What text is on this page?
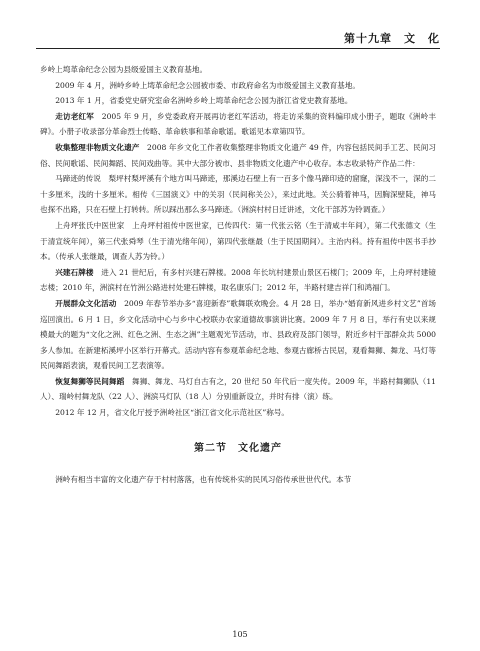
第十九章　文　化

乡岭上塆革命纪念公园为县级爱国主义教育基地。

2009 年 4 月，洲岭乡岭上塆革命纪念公园被市委、市政府命名为市级爱国主义教育基地。

2013 年 1 月，省委党史研究室命名洲岭乡岭上塆革命纪念公园为浙江省党史教育基地。

走访老红军　 2005 年 9 月，乡党委政府开展再访老红军活动，将走访采集的资料编印成小册子，题取《洲岭丰碑》。小册子收录部分革命烈士传略、革命轶事和革命歌谣。歌谣见本章第四节。

收集整理非物质文化遗产　 2008 年乡文化工作者收集整理非物质文化遗产 49 件，内容包括民间手工艺、民间习俗、民间歌谣、民间舞蹈、民间戏曲等。其中大部分被市、县非物质文化遗产中心收存。本志收录特产作品二件：

马蹄迹的传说　梨坪村梨坪溪有个地方叫马蹄迹，那溪边石壁上有一百多个像马蹄印迹的窟窿，深浅不一，深的二十多厘米，浅的十多厘米。相传《三国演义》中的关羽（民间称关公），来过此地。关公骑着神马，因胸深壁陡，神马也探不出路，只在石壁上打转转。所以踩出那么多马蹄迹。（洲滨村村日迁讲述，文化干部苏为铃调查。）

上舟坪张氏中医世家　上舟坪村祖传中医世家，已传四代：第一代张云铭（生于清咸丰年间），第二代张德文（生于清宣统年间），第三代张舜琴（生于清光绪年间），第四代张继最（生于民国期间）。主治内科。持有祖传中医书手抄本。（传承人张继最，调查人苏为铃。）

兴建石牌楼　 进入 21 世纪后，有多村兴建石牌楼。2008 年长坑村建景山景区石楼门；2009 年，上舟坪村建镜志楼；2010 年，洲滨村在竹洲公路进村处建石牌楼，取名康乐门；2012 年，半路村建吉祥门和鸿福门。

开展群众文化活动　 2009 年春节举办多“喜迎新春”歌舞联欢晚会。4 月 28 日，举办“婚育新风进乡村文艺”首场巡回演出。6 月 1 日，乡文化活动中心与乡中心校联办农家道德故事演讲比赛。2009 年 7 月 8 日，举行有史以来规模最大的题为“文化之洲、红色之洲、生态之洲”主题观光节活动，市、县政府及部门领导，附近乡村干部群众共 5000 多人参加。在新建柘溪坪小区举行开幕式。活动内容有参观革命纪念地、参观古廊桥古民居，观看舞狮、舞龙、马灯等民间舞蹈表演，观看民间工艺表演等。

恢复舞狮等民间舞蹈　 舞狮、舞龙、马灯自古有之，20 世纪 50 年代后一度失传。2009 年，半路村舞狮队（11 人）、瑞岭村舞龙队（22 人）、洲滨马灯队（18 人）分别重新设立，并时有排（演）练。

2012 年 12 月，省文化厅授予洲岭社区“浙江省文化示范社区”称号。

第二节　文化遗产

洲岭有相当丰富的文化遗产存于村村落落，也有传统朴实的民风习俗传承世世代代。本节

105
